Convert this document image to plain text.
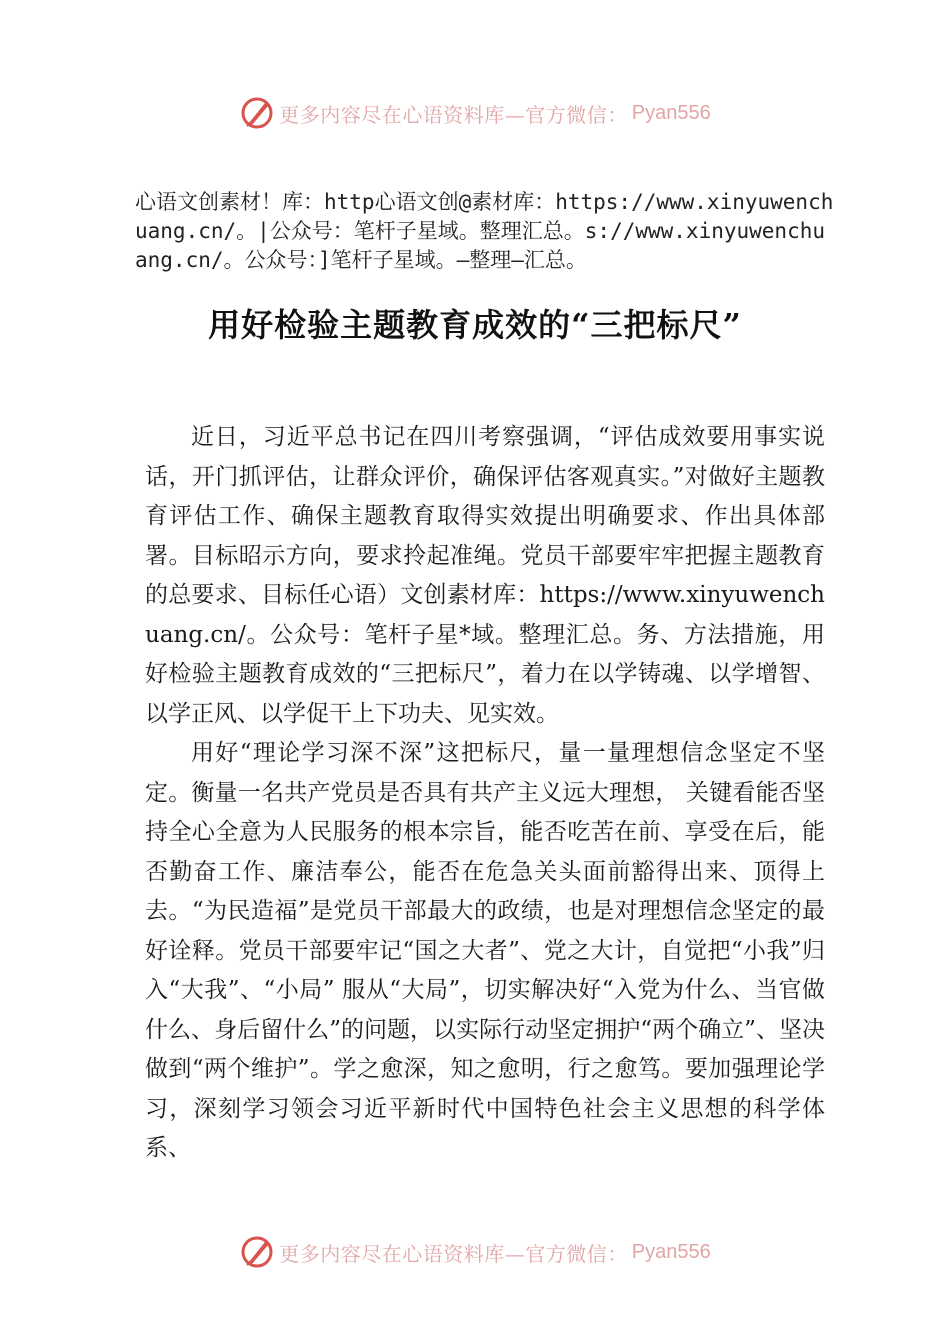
更多内容尽在心语资料库—官方微信： Pyan556
心语文创素材！库：http心语文创@素材库：https://www.xinyuwenchuang.cn/。|公众号：笔杆子星域。整理汇总。s://www.xinyuwenchuang.cn/。公众号：]笔杆子星域。—整理—汇总。
用好检验主题教育成效的“三把标尺”

近日，习近平总书记在四川考察强调，“评估成效要用事实说话，开门抓评估，让群众评价，确保评估客观真实。”对做好主题教育评估工作、确保主题教育取得实效提出明确要求、作出具体部署。目标昭示方向，要求拎起准绳。党员干部要牢牢把握主题教育的总要求、目标任心语）文创素材库：https://www.xinyuwenchuang.cn/。公众号：笔杆子星*域。整理汇总。务、方法措施，用好检验主题教育成效的“三把标尺”，着力在以学铸魂、以学增智、以学正风、以学促干上下功夫、见实效。

用好“理论学习深不深”这把标尺，量一量理想信念坚定不坚定。衡量一名共产党员是否具有共产主义远大理想， 关键看能否坚持全心全意为人民服务的根本宗旨，能否吃苦在前、享受在后，能否勤奋工作、廉洁奉公，能否在危急关头面前豁得出来、顶得上去。“为民造福”是党员干部最大的政绩，也是对理想信念坚定的最好诠释。党员干部要牢记“国之大者”、党之大计，自觉把“小我”归入“大我”、“小局” 服从“大局”，切实解决好“入党为什么、当官做什么、身后留什么”的问题，以实际行动坚定拥护“两个确立”、坚决做到“两个维护”。学之愈深，知之愈明，行之愈笃。要加强理论学习，深刻学习领会习近平新时代中国特色社会主义思想的科学体系、

更多内容尽在心语资料库—官方微信： Pyan556
